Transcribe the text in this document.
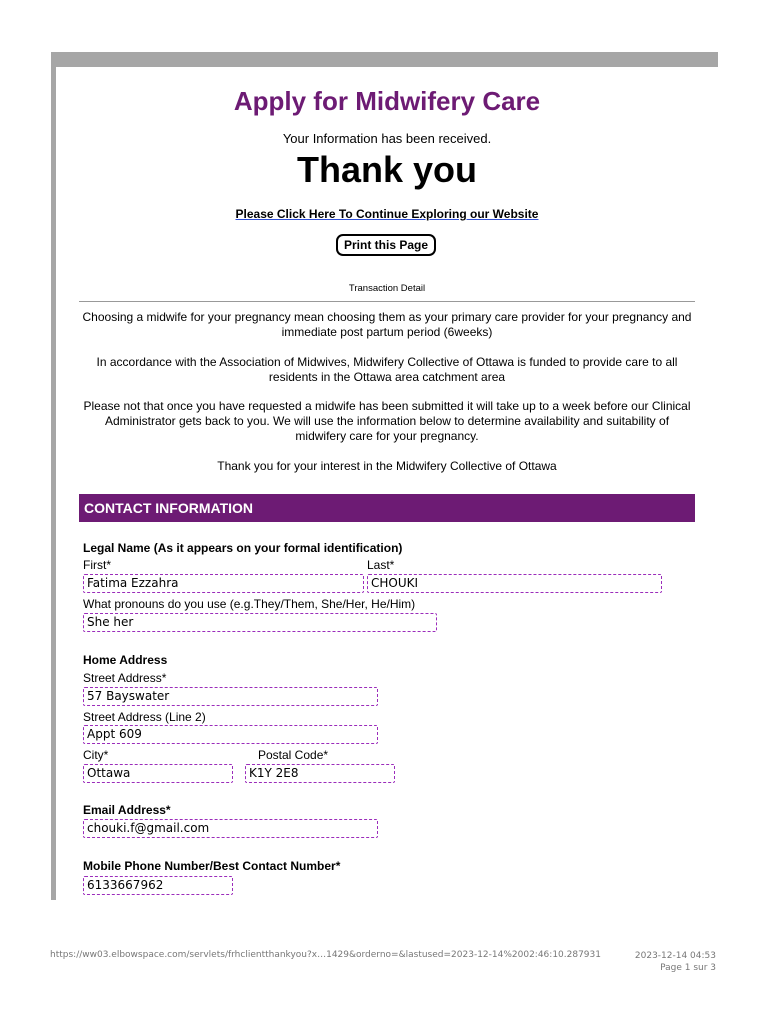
Apply for Midwifery Care
Your Information has been received.
Thank you
Please Click Here To Continue Exploring our Website
Print this Page
Transaction Detail
Choosing a midwife for your pregnancy mean choosing them as your primary care provider for your pregnancy and immediate post partum period (6weeks)
In accordance with the Association of Midwives, Midwifery Collective of Ottawa is funded to provide care to all residents in the Ottawa area catchment area
Please not that once you have requested a midwife has been submitted it will take up to a week before our Clinical Administrator gets back to you. We will use the information below to determine availability and suitability of midwifery care for your pregnancy.
Thank you for your interest in the Midwifery Collective of Ottawa
CONTACT INFORMATION
Legal Name (As it appears on your formal identification)
First*	Last*
Fatima Ezzahra	CHOUKI
What pronouns do you use (e.g.They/Them, She/Her, He/Him)
She her
Home Address
Street Address*
57 Bayswater
Street Address (Line 2)
Appt 609
City*	Postal Code*
Ottawa	K1Y 2E8
Email Address*
chouki.f@gmail.com
Mobile Phone Number/Best Contact Number*
6133667962
https://ww03.elbowspace.com/servlets/frhclientthankyou?x…1429&orderno=&lastused=2023-12-14%2002:46:10.287931	2023-12-14 04:53
Page 1 sur 3
